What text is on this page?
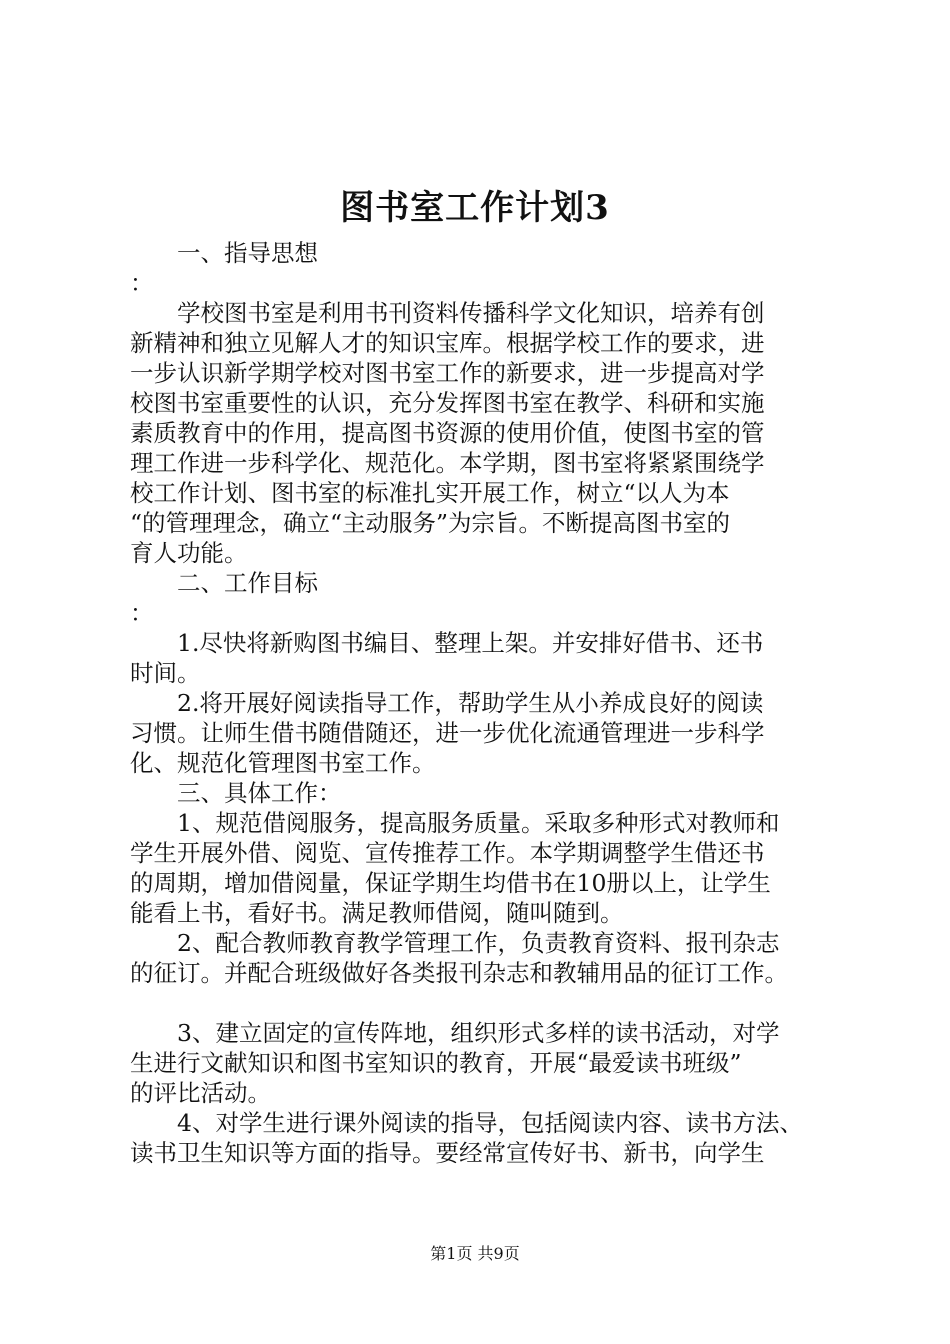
图书室工作计划3

　　一、指导思想

：

　　学校图书室是利用书刊资料传播科学文化知识，培养有创

新精神和独立见解人才的知识宝库。根据学校工作的要求，进

一步认识新学期学校对图书室工作的新要求，进一步提高对学

校图书室重要性的认识，充分发挥图书室在教学、科研和实施

素质教育中的作用，提高图书资源的使用价值，使图书室的管

理工作进一步科学化、规范化。本学期，图书室将紧紧围绕学

校工作计划、图书室的标准扎实开展工作，树立“以人为本

“的管理理念，确立“主动服务”为宗旨。不断提高图书室的

育人功能。

　　二、工作目标

：

　　1.尽快将新购图书编目、整理上架。并安排好借书、还书

时间。

　　2.将开展好阅读指导工作，帮助学生从小养成良好的阅读

习惯。让师生借书随借随还，进一步优化流通管理进一步科学

化、规范化管理图书室工作。

　　三、具体工作：

　　1、规范借阅服务，提高服务质量。采取多种形式对教师和

学生开展外借、阅览、宣传推荐工作。本学期调整学生借还书

的周期，增加借阅量，保证学期生均借书在10册以上，让学生

能看上书，看好书。满足教师借阅，随叫随到。

　　2、配合教师教育教学管理工作，负责教育资料、报刊杂志

的征订。并配合班级做好各类报刊杂志和教辅用品的征订工作。

　　3、建立固定的宣传阵地，组织形式多样的读书活动，对学

生进行文献知识和图书室知识的教育，开展“最爱读书班级”

的评比活动。

　　4、对学生进行课外阅读的指导，包括阅读内容、读书方法、

读书卫生知识等方面的指导。要经常宣传好书、新书，向学生

第1页 共9页
